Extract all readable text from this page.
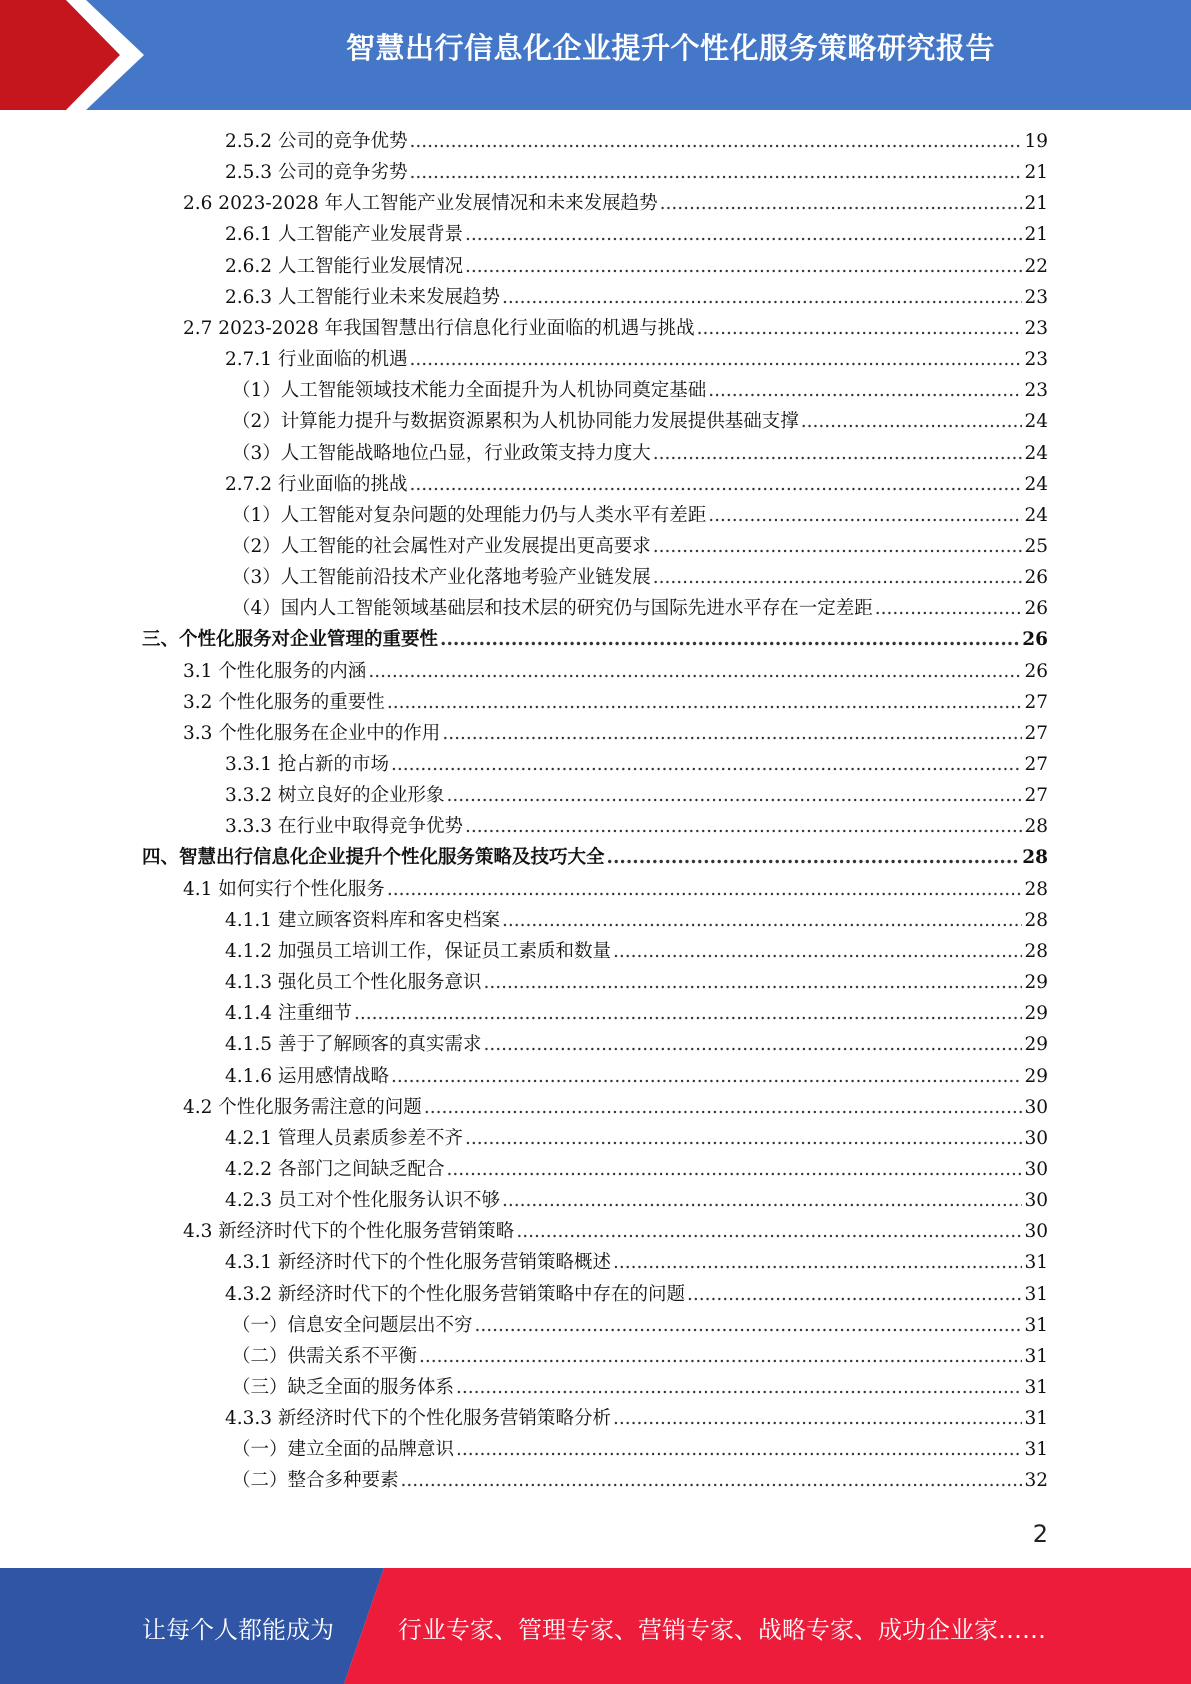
智慧出行信息化企业提升个性化服务策略研究报告
2.5.2 公司的竞争优势 .....	19
2.5.3 公司的竞争劣势 .....	21
2.6 2023-2028 年人工智能产业发展情况和未来发展趋势 .....	21
2.6.1 人工智能产业发展背景 .....	21
2.6.2 人工智能行业发展情况 .....	22
2.6.3 人工智能行业未来发展趋势 .....	23
2.7 2023-2028 年我国智慧出行信息化行业面临的机遇与挑战 .....	23
2.7.1 行业面临的机遇 .....	23
（1）人工智能领域技术能力全面提升为人机协同奠定基础 .....	23
（2）计算能力提升与数据资源累积为人机协同能力发展提供基础支撑 .....	24
（3）人工智能战略地位凸显，行业政策支持力度大 .....	24
2.7.2 行业面临的挑战 .....	24
（1）人工智能对复杂问题的处理能力仍与人类水平有差距 .....	24
（2）人工智能的社会属性对产业发展提出更高要求 .....	25
（3）人工智能前沿技术产业化落地考验产业链发展 .....	26
（4）国内人工智能领域基础层和技术层的研究仍与国际先进水平存在一定差距 .....	26
三、个性化服务对企业管理的重要性 .....	26
3.1 个性化服务的内涵 .....	26
3.2 个性化服务的重要性 .....	27
3.3 个性化服务在企业中的作用 .....	27
3.3.1 抢占新的市场 .....	27
3.3.2 树立良好的企业形象 .....	27
3.3.3 在行业中取得竞争优势 .....	28
四、智慧出行信息化企业提升个性化服务策略及技巧大全 .....	28
4.1 如何实行个性化服务 .....	28
4.1.1 建立顾客资料库和客史档案 .....	28
4.1.2 加强员工培训工作，保证员工素质和数量 .....	28
4.1.3 强化员工个性化服务意识 .....	29
4.1.4 注重细节 .....	29
4.1.5 善于了解顾客的真实需求 .....	29
4.1.6 运用感情战略 .....	29
4.2 个性化服务需注意的问题 .....	30
4.2.1 管理人员素质参差不齐 .....	30
4.2.2 各部门之间缺乏配合 .....	30
4.2.3 员工对个性化服务认识不够 .....	30
4.3 新经济时代下的个性化服务营销策略 .....	30
4.3.1 新经济时代下的个性化服务营销策略概述 .....	31
4.3.2 新经济时代下的个性化服务营销策略中存在的问题 .....	31
（一）信息安全问题层出不穷 .....	31
（二）供需关系不平衡 .....	31
（三）缺乏全面的服务体系 .....	31
4.3.3 新经济时代下的个性化服务营销策略分析 .....	31
（一）建立全面的品牌意识 .....	31
（二）整合多种要素 .....	32
2
让每个人都能成为	行业专家、管理专家、营销专家、战略专家、成功企业家……
